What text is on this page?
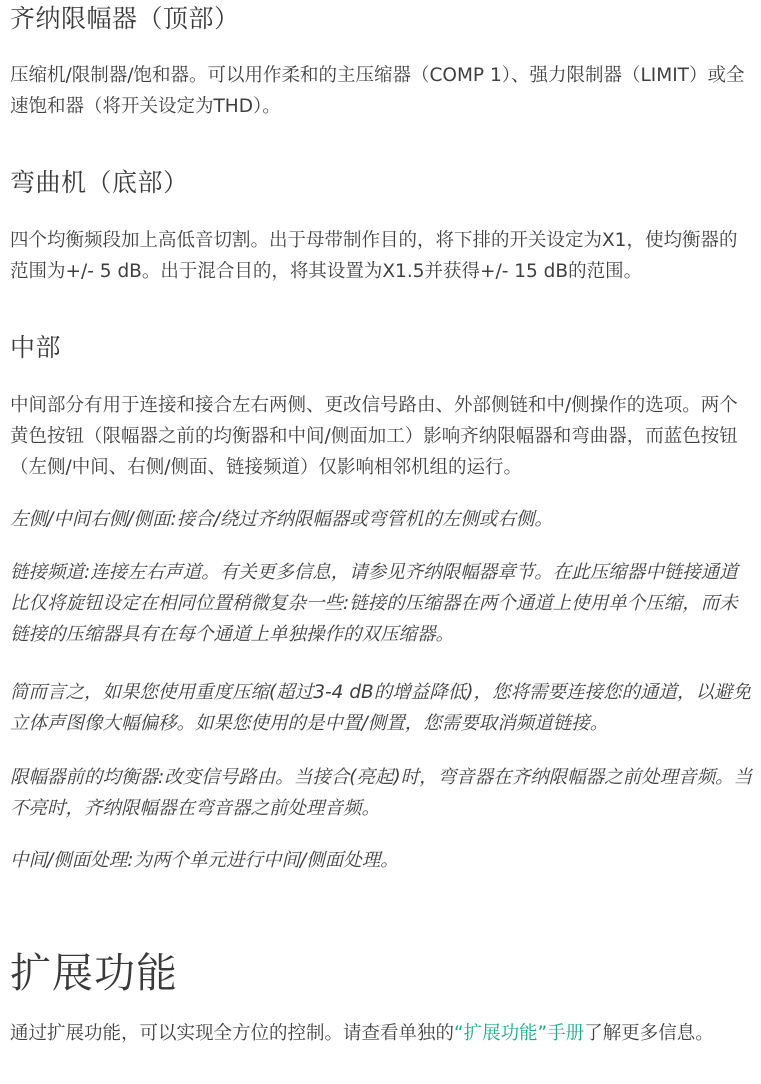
齐纳限幅器（顶部）

压缩机/限制器/饱和器。可以用作柔和的主压缩器（COMP 1）、强力限制器（LIMIT）或全速饱和器（将开关设定为THD）。

弯曲机（底部）

四个均衡频段加上高低音切割。出于母带制作目的，将下排的开关设定为X1，使均衡器的范围为+/- 5 dB。出于混合目的，将其设置为X1.5并获得+/- 15 dB的范围。

中部

中间部分有用于连接和接合左右两侧、更改信号路由、外部侧链和中/侧操作的选项。两个黄色按钮（限幅器之前的均衡器和中间/侧面加工）影响齐纳限幅器和弯曲器，而蓝色按钮（左侧/中间、右侧/侧面、链接频道）仅影响相邻机组的运行。

左侧/中间右侧/侧面:接合/绕过齐纳限幅器或弯管机的左侧或右侧。

链接频道:连接左右声道。有关更多信息，请参见齐纳限幅器章节。在此压缩器中链接通道比仅将旋钮设定在相同位置稍微复杂一些:链接的压缩器在两个通道上使用单个压缩，而未链接的压缩器具有在每个通道上单独操作的双压缩器。

简而言之，如果您使用重度压缩(超过3-4 dB的增益降低)，您将需要连接您的通道，以避免立体声图像大幅偏移。如果您使用的是中置/侧置，您需要取消频道链接。

限幅器前的均衡器:改变信号路由。当接合(亮起)时，弯音器在齐纳限幅器之前处理音频。当不亮时，齐纳限幅器在弯音器之前处理音频。

中间/侧面处理:为两个单元进行中间/侧面处理。

扩展功能

通过扩展功能，可以实现全方位的控制。请查看单独的“扩展功能”手册了解更多信息。
